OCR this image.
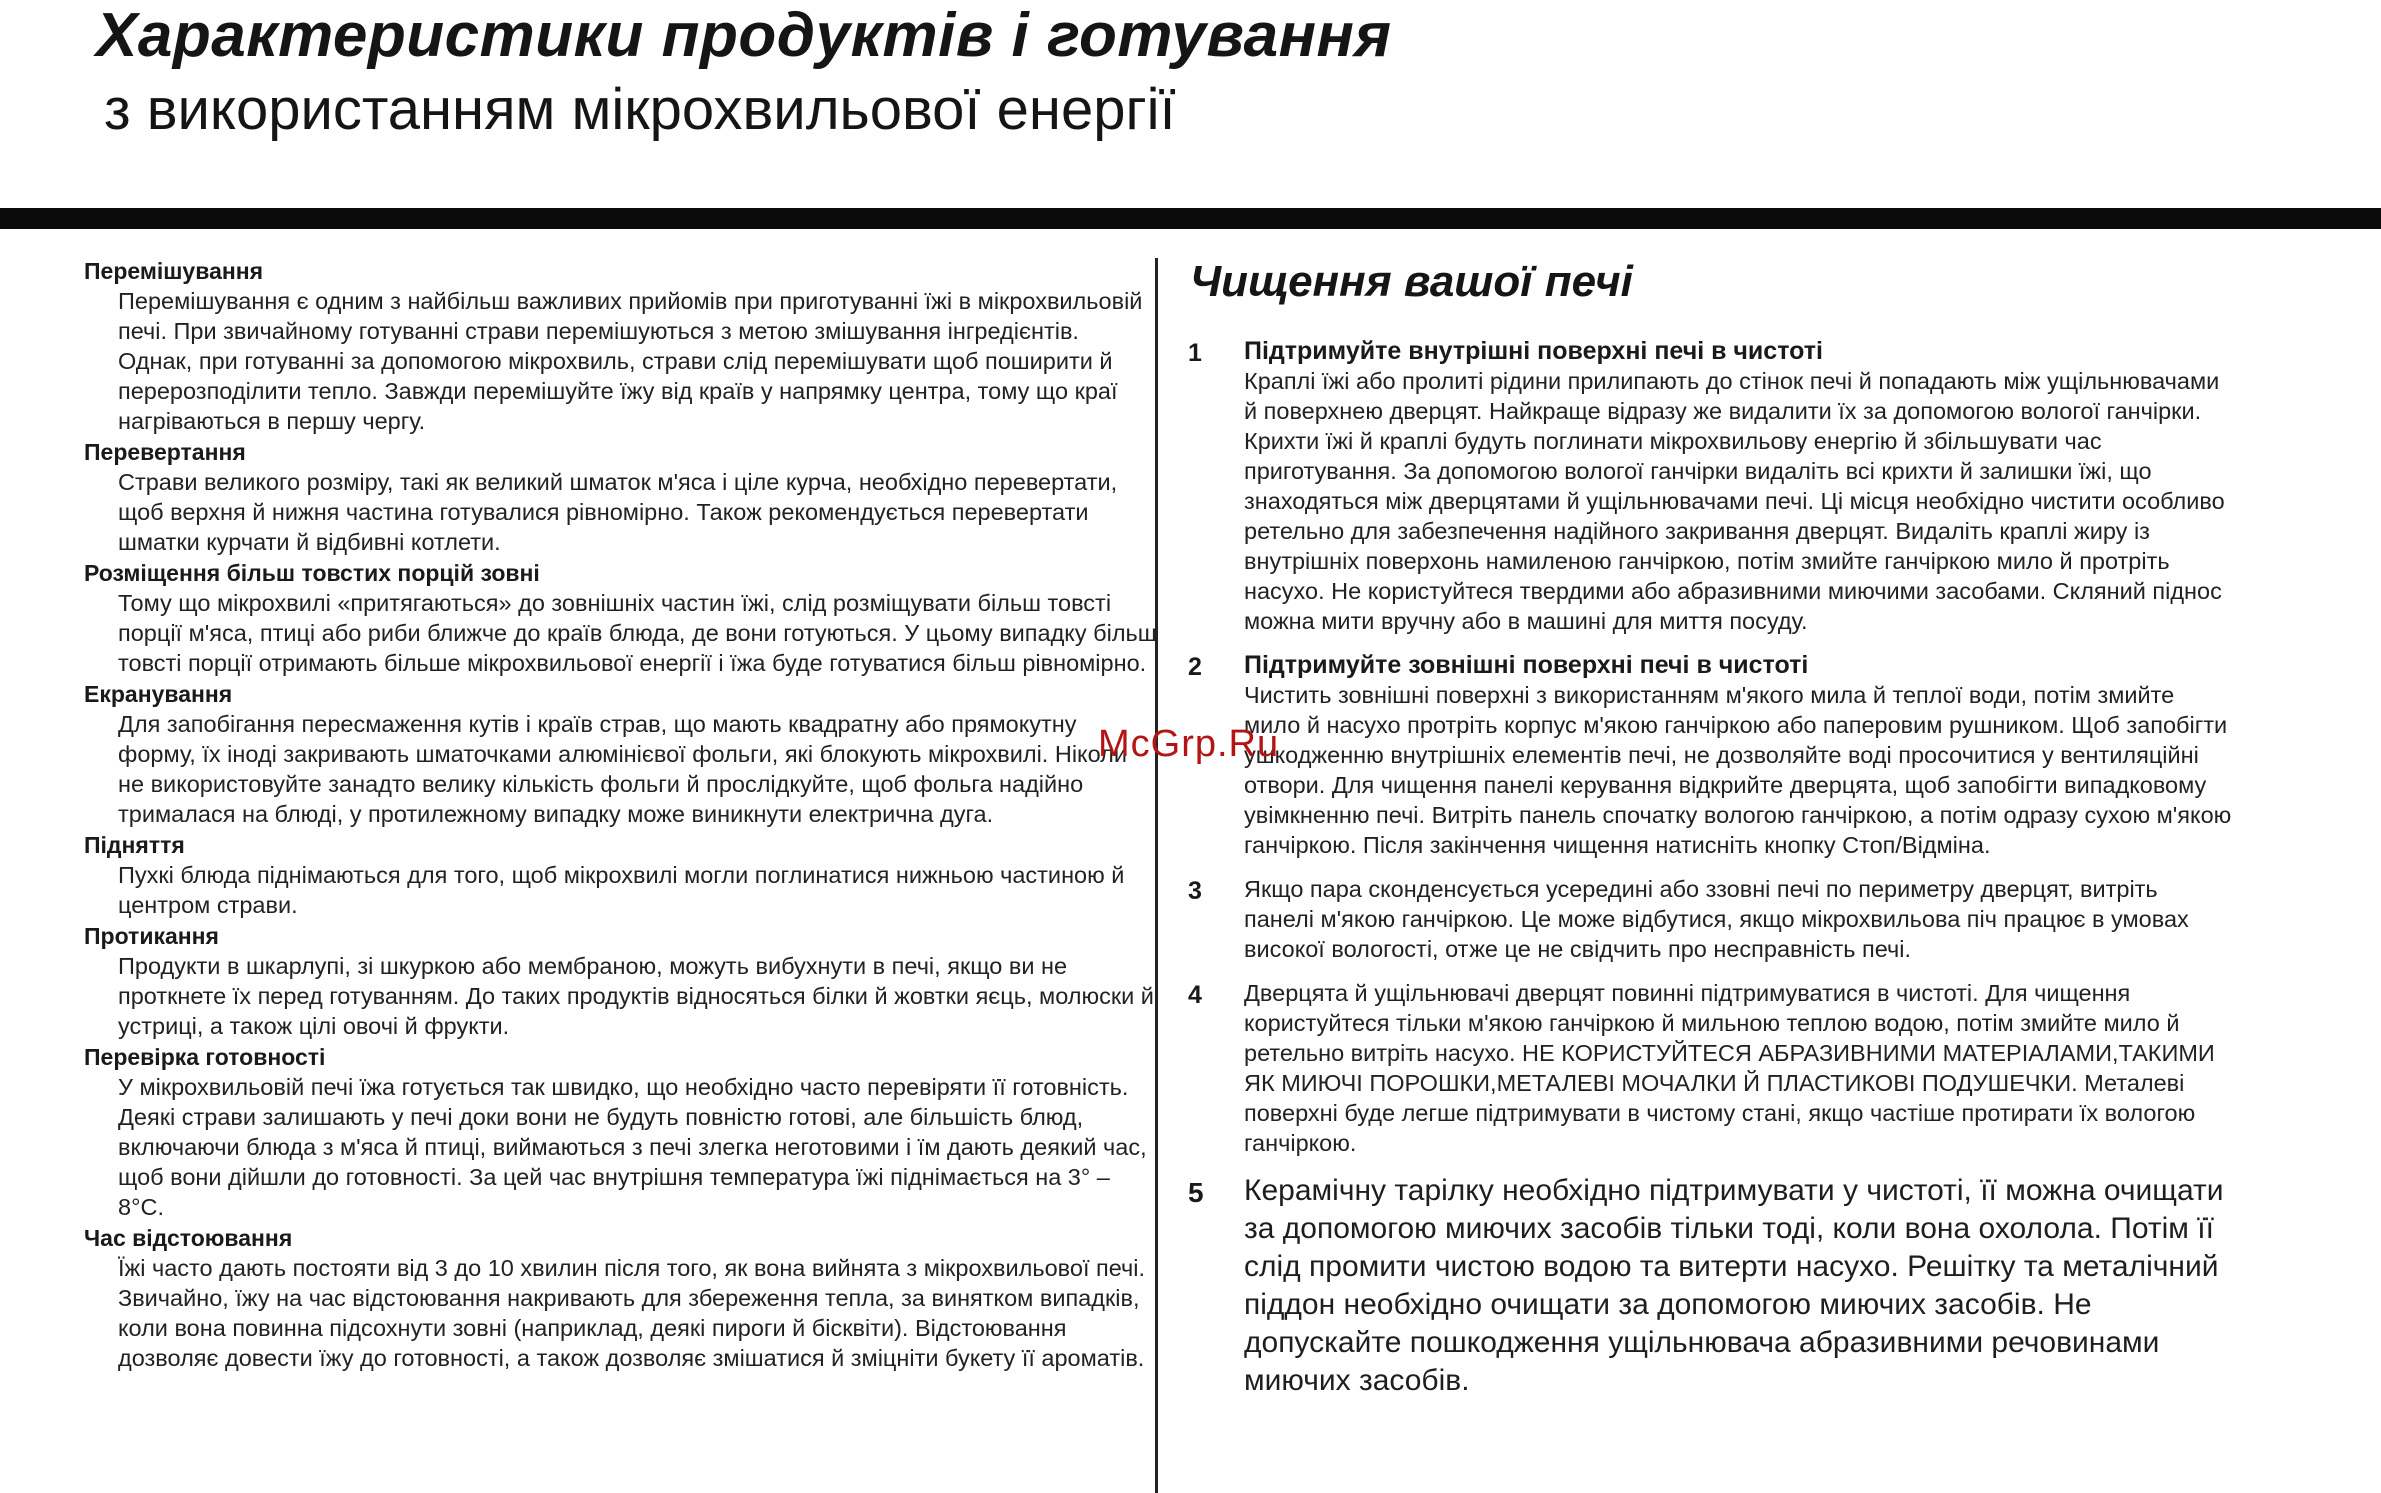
Характеристики продуктів і готування
з використанням мікрохвильової енергії
Перемішування

Перемішування є одним з найбільш важливих прийомів при приготуванні їжі в мікрохвильовій печі. При звичайному готуванні страви перемішуються з метою змішування інгредієнтів. Однак, при готуванні за допомогою мікрохвиль, страви слід перемішувати щоб поширити й перерозподілити тепло. Завжди перемішуйте їжу від країв у напрямку центра, тому що краї нагріваються в першу чергу.

Перевертання

Страви великого розміру, такі як великий шматок м'яса і ціле курча, необхідно перевертати, щоб верхня й нижня частина готувалися рівномірно. Також рекомендується перевертати шматки курчати й відбивні котлети.

Розміщення більш товстих порцій зовні

Тому що мікрохвилі «притягаються» до зовнішніх частин їжі, слід розміщувати більш товсті порції м'яса, птиці або риби ближче до країв блюда, де вони готуються. У цьому випадку більш товсті порції отримають більше мікрохвильової енергії і їжа буде готуватися більш рівномірно.

Екранування

Для запобігання пересмаження кутів і країв страв, що мають квадратну або прямокутну форму, їх іноді закривають шматочками алюмінієвої фольги, які блокують мікрохвилі. Ніколи не використовуйте занадто велику кількість фольги й прослідкуйте, щоб фольга надійно трималася на блюді, у протилежному випадку може виникнути електрична дуга.

Підняття

Пухкі блюда піднімаються для того, щоб мікрохвилі могли поглинатися нижньою частиною й центром страви.

Протикання

Продукти в шкарлупі, зі шкуркою або мембраною, можуть вибухнути в печі, якщо ви не проткнете їх перед готуванням. До таких продуктів відносяться білки й жовтки яєць, молюски й устриці, а також цілі овочі й фрукти.

Перевірка готовності

У мікрохвильовій печі їжа готується так швидко, що необхідно часто перевіряти її готовність. Деякі страви залишають у печі доки вони не будуть повністю готові, але більшість блюд, включаючи блюда з м'яса й птиці, виймаються з печі злегка неготовими і їм дають деякий час, щоб вони дійшли до готовності. За цей час внутрішня температура їжі піднімається на 3° – 8°C.

Час відстоювання

Їжі часто дають постояти від 3 до 10 хвилин після того, як вона вийнята з мікрохвильової печі. Звичайно, їжу на час відстоювання накривають для збереження тепла, за винятком випадків, коли вона повинна підсохнути зовні (наприклад, деякі пироги й бісквіти). Відстоювання дозволяє довести їжу до готовності, а також дозволяє змішатися й зміцніти букету її ароматів.

Чищення вашої печі
1	Підтримуйте внутрішні поверхні печі в чистоті

Краплі їжі або пролиті рідини прилипають до стінок печі й попадають між ущільнювачами й поверхнею дверцят. Найкраще відразу же видалити їх за допомогою вологої ганчірки. Крихти їжі й краплі будуть поглинати мікрохвильову енергію й збільшувати час приготування. За допомогою вологої ганчірки видаліть всі крихти й залишки їжі, що знаходяться між дверцятами й ущільнювачами печі. Ці місця необхідно чистити особливо ретельно для забезпечення надійного закривання дверцят. Видаліть краплі жиру із внутрішніх поверхонь намиленою ганчіркою, потім змийте ганчіркою мило й протріть насухо. Не користуйтеся твердими або абразивними миючими засобами. Скляний піднос можна мити вручну або в машині для миття посуду.

2	Підтримуйте зовнішні поверхні печі в чистоті

Чистить зовнішні поверхні з використанням м'якого мила й теплої води, потім змийте мило й насухо протріть корпус м'якою ганчіркою або паперовим рушником. Щоб запобігти ушкодженню внутрішніх елементів печі, не дозволяйте воді просочитися у вентиляційні отвори. Для чищення панелі керування відкрийте дверцята, щоб запобігти випадковому увімкненню печі. Витріть панель спочатку вологою ганчіркою, а потім одразу сухою м'якою ганчіркою. Після закінчення чищення натисніть кнопку Стоп/Відміна.

3	Якщо пара сконденсується усередині або ззовні печі по периметру дверцят, витріть панелі м'якою ганчіркою. Це може відбутися, якщо мікрохвильова піч працює в умовах високої вологості, отже це не свідчить про несправність печі.

4	Дверцята й ущільнювачі дверцят повинні підтримуватися в чистоті. Для чищення користуйтеся тільки м'якою ганчіркою й мильною теплою водою, потім змийте мило й ретельно витріть насухо. НЕ КОРИСТУЙТЕСЯ АБРАЗИВНИМИ МАТЕРІАЛАМИ,ТАКИМИ ЯК МИЮЧІ ПОРОШКИ,МЕТАЛЕВІ МОЧАЛКИ Й ПЛАСТИКОВІ ПОДУШЕЧКИ. Металеві поверхні буде легше підтримувати в чистому стані, якщо частіше протирати їх вологою ганчіркою.

5	Керамічну тарілку необхідно підтримувати у чистоті, її можна очищати за допомогою миючих засобів тільки тоді, коли вона охолола. Потім її слід промити чистою водою та витерти насухо. Решітку та металічний піддон необхідно очищати за допомогою миючих засобів. Не допускайте пошкодження ущільнювача абразивними речовинами миючих засобів.

McGrp.Ru
